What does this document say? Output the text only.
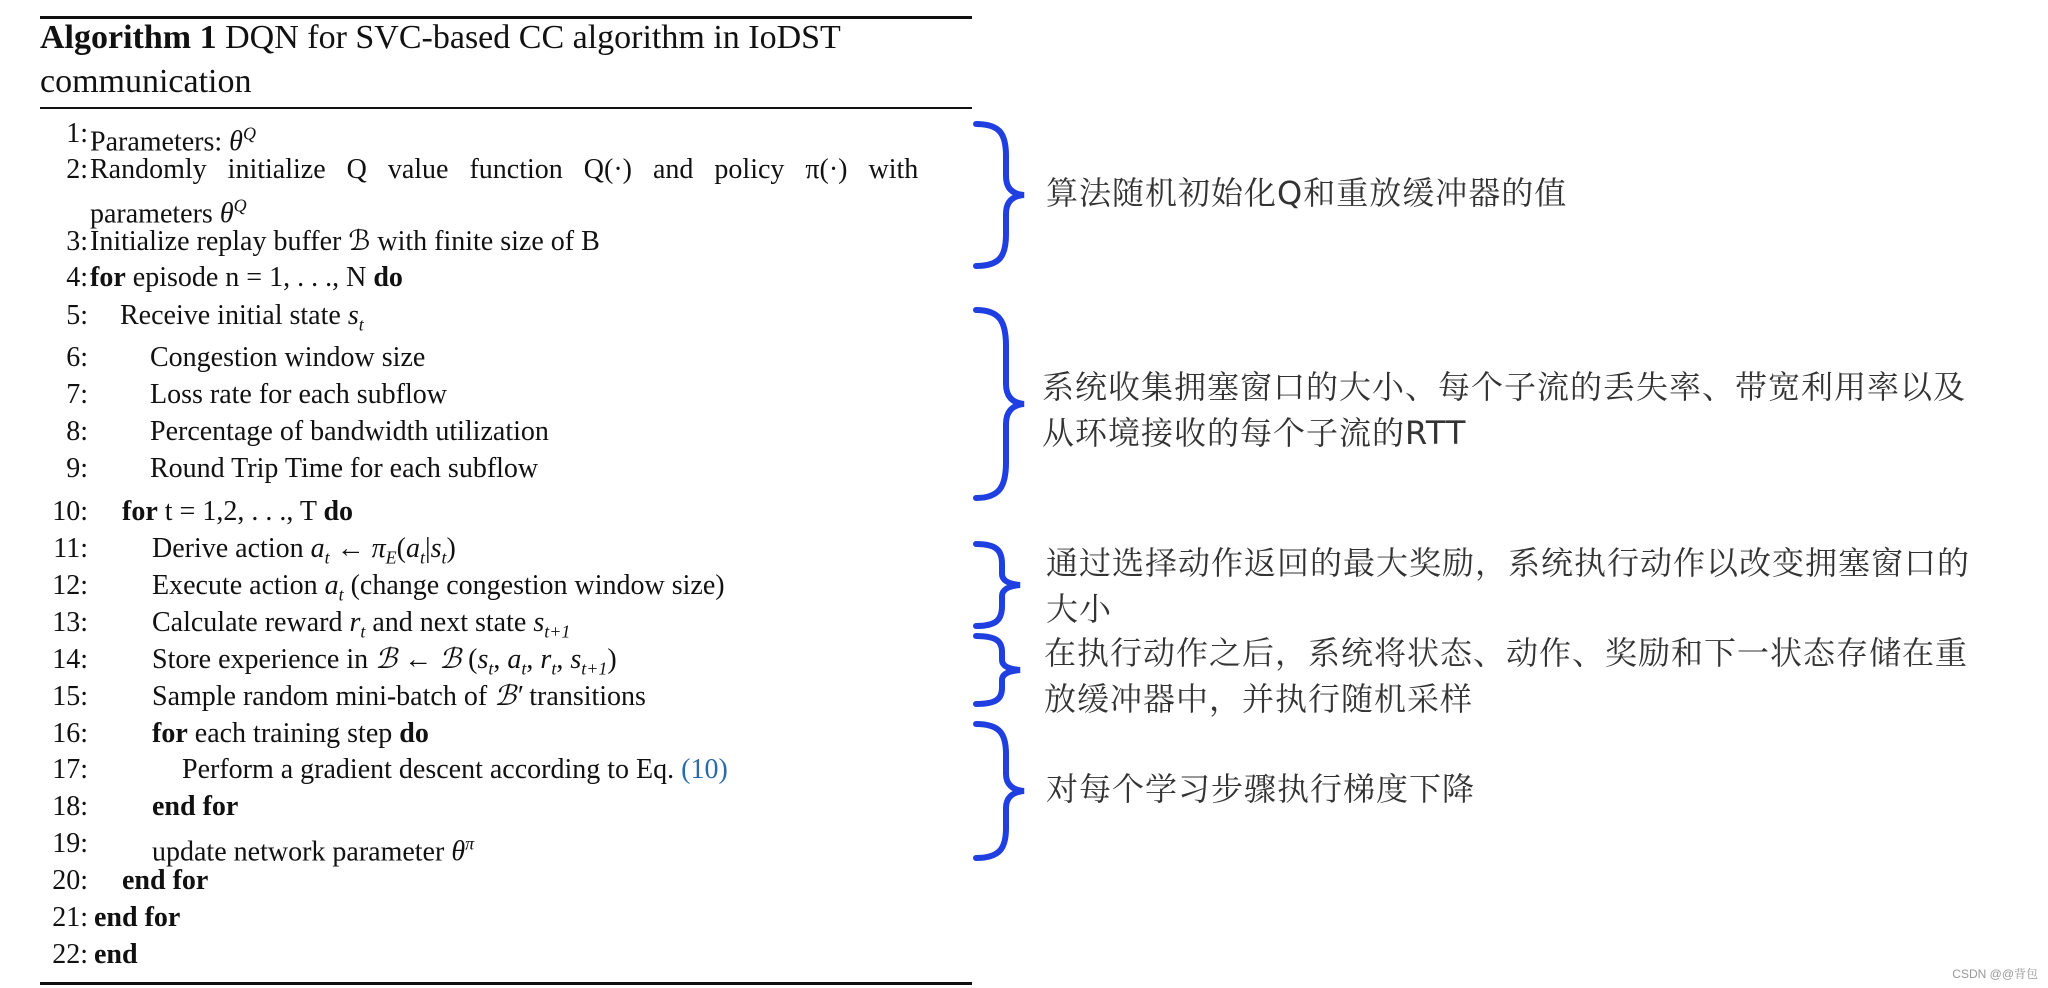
Algorithm 1 DQN for SVC-based CC algorithm in IoDST
communication
1: Parameters: $\theta^Q$
2: Randomly initialize Q value function Q(·) and policy π(·) with
parameters $\theta^Q$
3: Initialize replay buffer ℬ with finite size of B
4: for episode n = 1, . . ., N do
5: Receive initial state $s_t$
6: Congestion window size
7: Loss rate for each subflow
8: Percentage of bandwidth utilization
9: Round Trip Time for each subflow
10: for t = 1,2, . . ., T do
11: Derive action $a_t$ ← $\pi_E(a_t|s_t)$
12: Execute action $a_t$ (change congestion window size)
13: Calculate reward $r_t$ and next state $s_{t+1}$
14: Store experience in ℬ ← ℬ ($s_t$, $a_t$, $r_t$, $s_{t+1}$)
15: Sample random mini-batch of ℬ′ transitions
16: for each training step do
17:	Perform a gradient descent according to Eq. (10)
18: end for
19: update network parameter $\theta^\pi$
20: end for
21: end for
22: end
算法随机初始化Q和重放缓冲器的值
系统收集拥塞窗口的大小、每个子流的丢失率、带宽利用率以及
从环境接收的每个子流的RTT
通过选择动作返回的最大奖励，系统执行动作以改变拥塞窗口的
大小
在执行动作之后，系统将状态、动作、奖励和下一状态存储在重
放缓冲器中，并执行随机采样
对每个学习步骤执行梯度下降
CSDN @@背包
